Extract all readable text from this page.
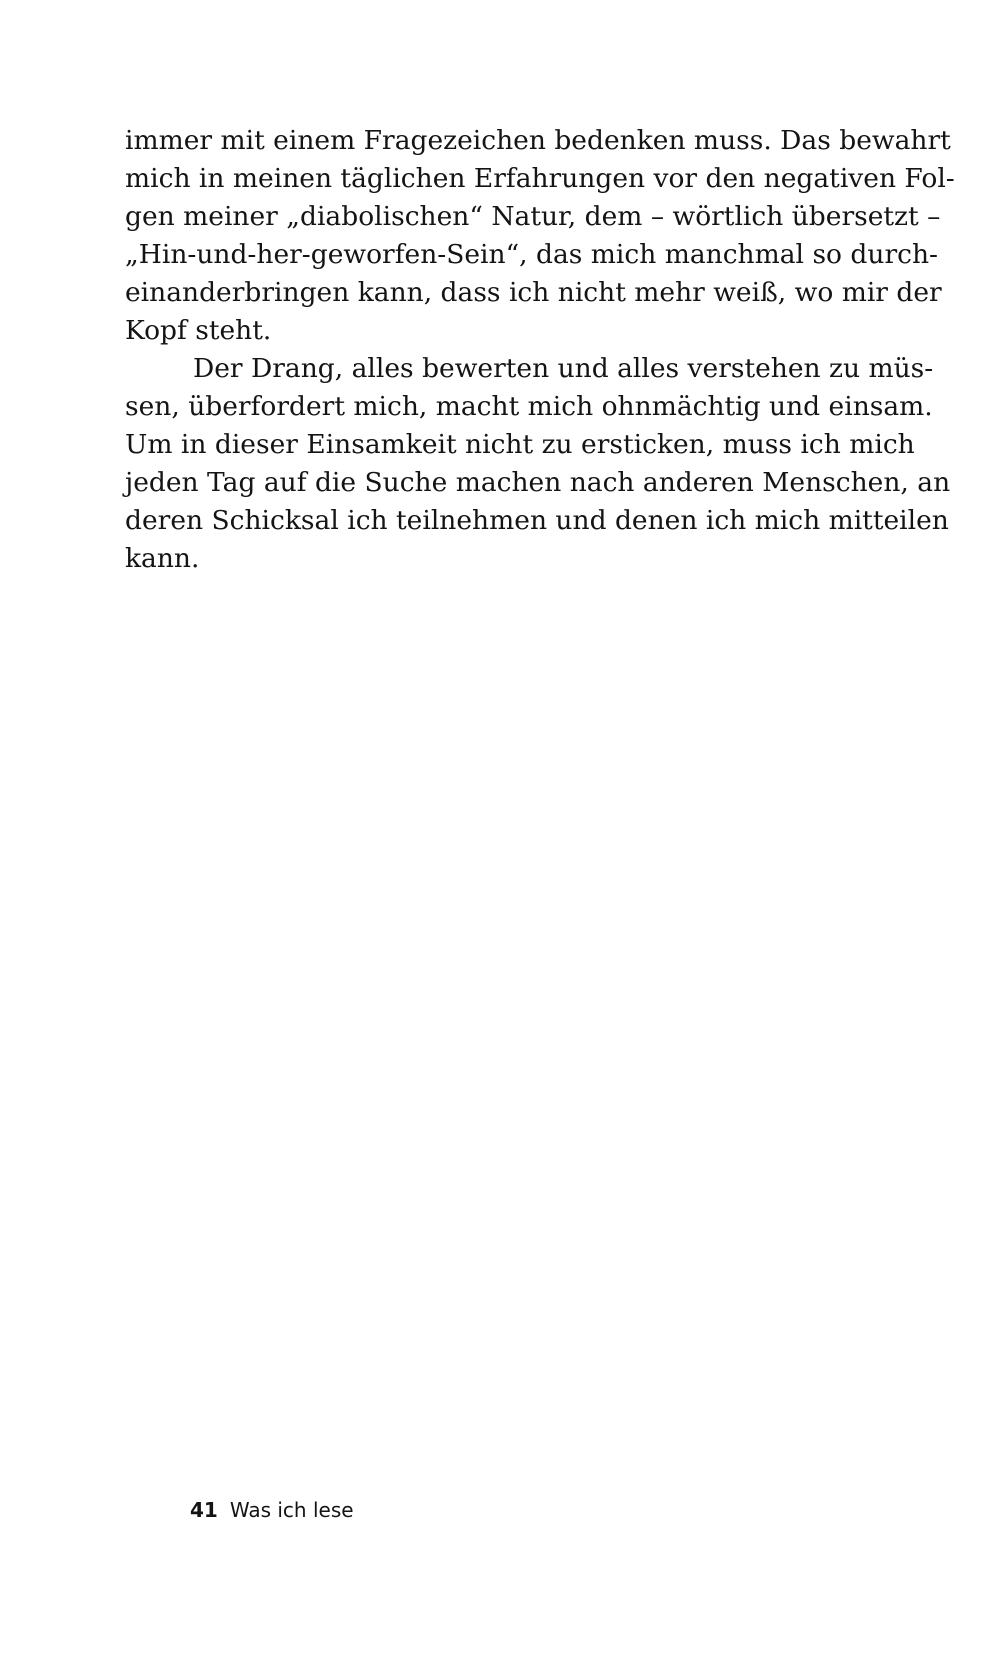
immer mit einem Fragezeichen bedenken muss. Das bewahrt
mich in meinen täglichen Erfahrungen vor den negativen Fol-
gen meiner „diabolischen“ Natur, dem – wörtlich übersetzt –
„Hin-und-her-geworfen-Sein“, das mich manchmal so durch-
einanderbringen kann, dass ich nicht mehr weiß, wo mir der
Kopf steht.
Der Drang, alles bewerten und alles verstehen zu müs-
sen, überfordert mich, macht mich ohnmächtig und einsam.
Um in dieser Einsamkeit nicht zu ersticken, muss ich mich
jeden Tag auf die Suche machen nach anderen Menschen, an
deren Schicksal ich teilnehmen und denen ich mich mitteilen
kann.
41 Was ich lese
